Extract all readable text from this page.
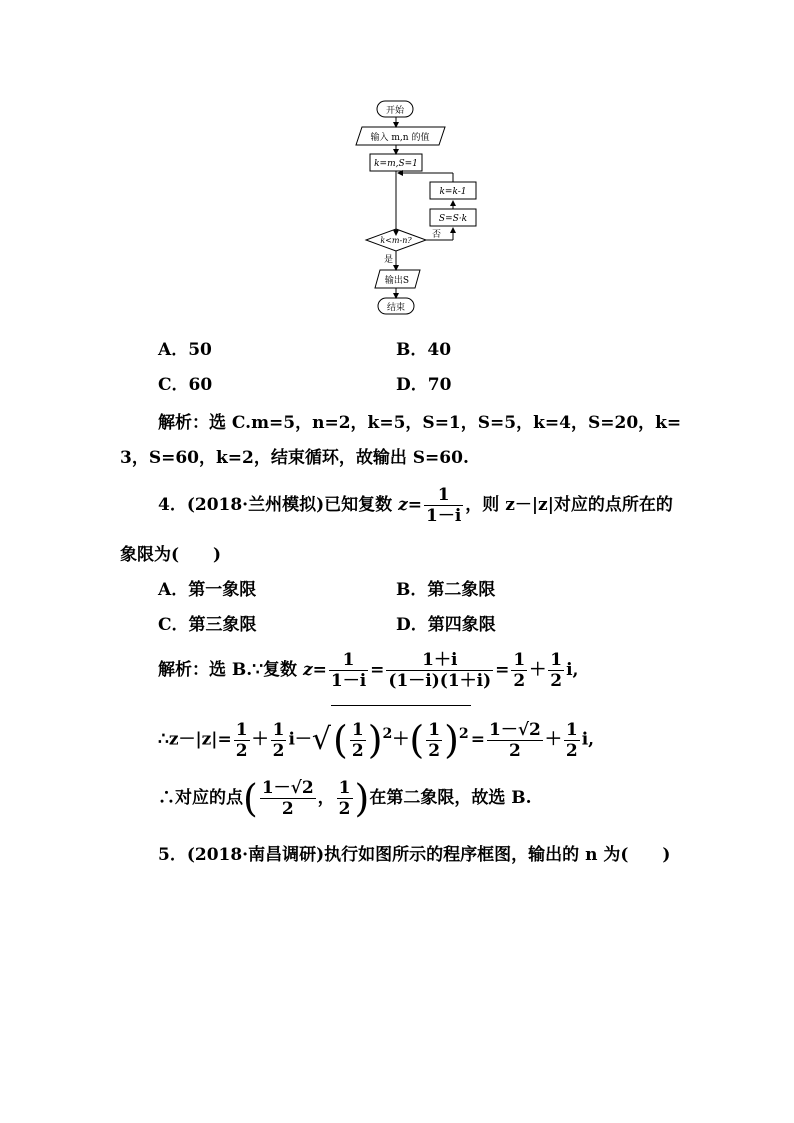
开始
输入 m,n 的值
k=m,S=1
k=k-1
S=S·k
k<m-n?
否
是
输出S
结束
A．50	B．40
C．60	D．70
解析：选 C.m=5，n=2，k=5，S=1，S=5，k=4，S=20，k=
3，S=60，k=2，结束循环，故输出 S=60.
4．(2018·兰州模拟)已知复数 $z= \frac{1}{1-i}$ ，则 z－|z|对应的点所在的
象限为(　　)
A．第一象限	B．第二象限
C．第三象限	D．第四象限
解析：选 B.∵复数 $z= \frac{1}{1-i} = \frac{1+i}{(1-i)(1+i)} = \frac{1}{2} + \frac{1}{2} i$,
∴z－|z|= $\frac{1}{2} + \frac{1}{2} i-√( \frac{1}{2} )^2+( \frac{1}{2} )^2 = \frac{1-√2}{2} + \frac{1}{2} i$,
∴对应的点( $\frac{1-√2}{2}$ ， $\frac{1}{2}$ )在第二象限，故选 B.
5．(2018·南昌调研)执行如图所示的程序框图，输出的 n 为(　　)
